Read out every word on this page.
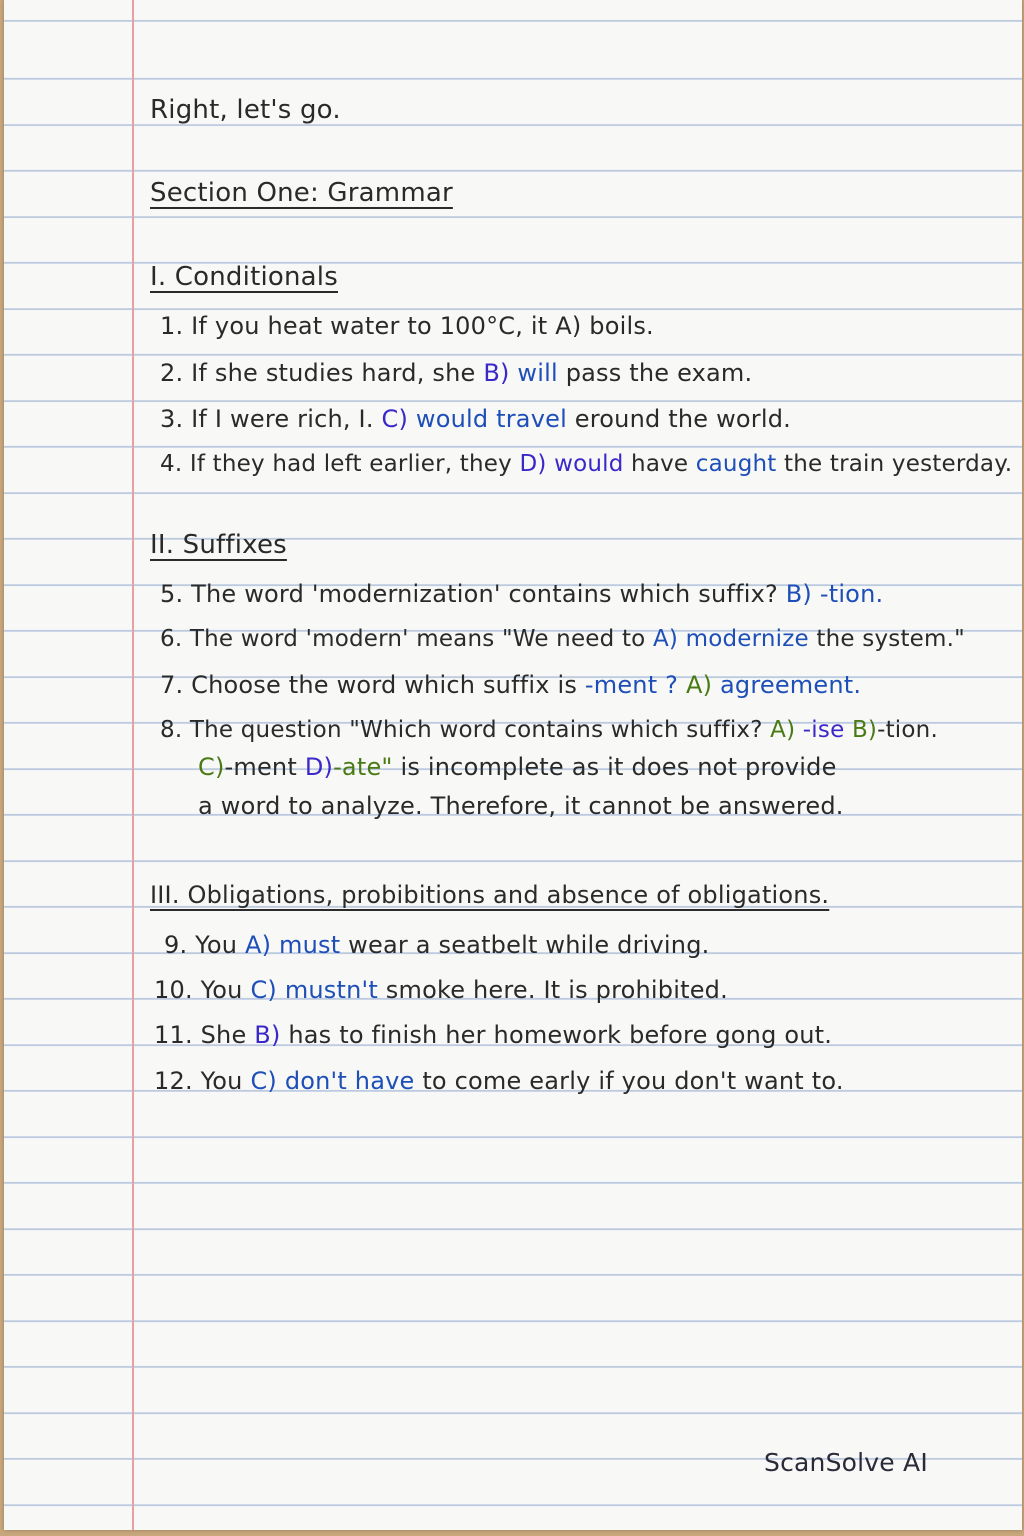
Right, let's go.
Section One: Grammar
I. Conditionals
1. If you heat water to 100°C, it A) boils.
2. If she studies hard, she B) will pass the exam.
3. If I were rich, I. C) would travel eround the world.
4. If they had left earlier, they D) would have caught the train yesterday.
II. Suffixes
5. The word 'modernization' contains which suffix? B) -tion.
6. The word 'modern' means "We need to A) modernize the system."
7. Choose the word which suffix is -ment ? A) agreement.
8. The question "Which word contains which suffix? A) -ise B)-tion.
C)-ment D)-ate" is incomplete as it does not provide
a word to analyze. Therefore, it cannot be answered.
III. Obligations, probibitions and absence of obligations.
9. You A) must wear a seatbelt while driving.
10. You C) mustn't smoke here. It is prohibited.
11. She B) has to finish her homework before gong out.
12. You C) don't have to come early if you don't want to.
ScanSolve AI
